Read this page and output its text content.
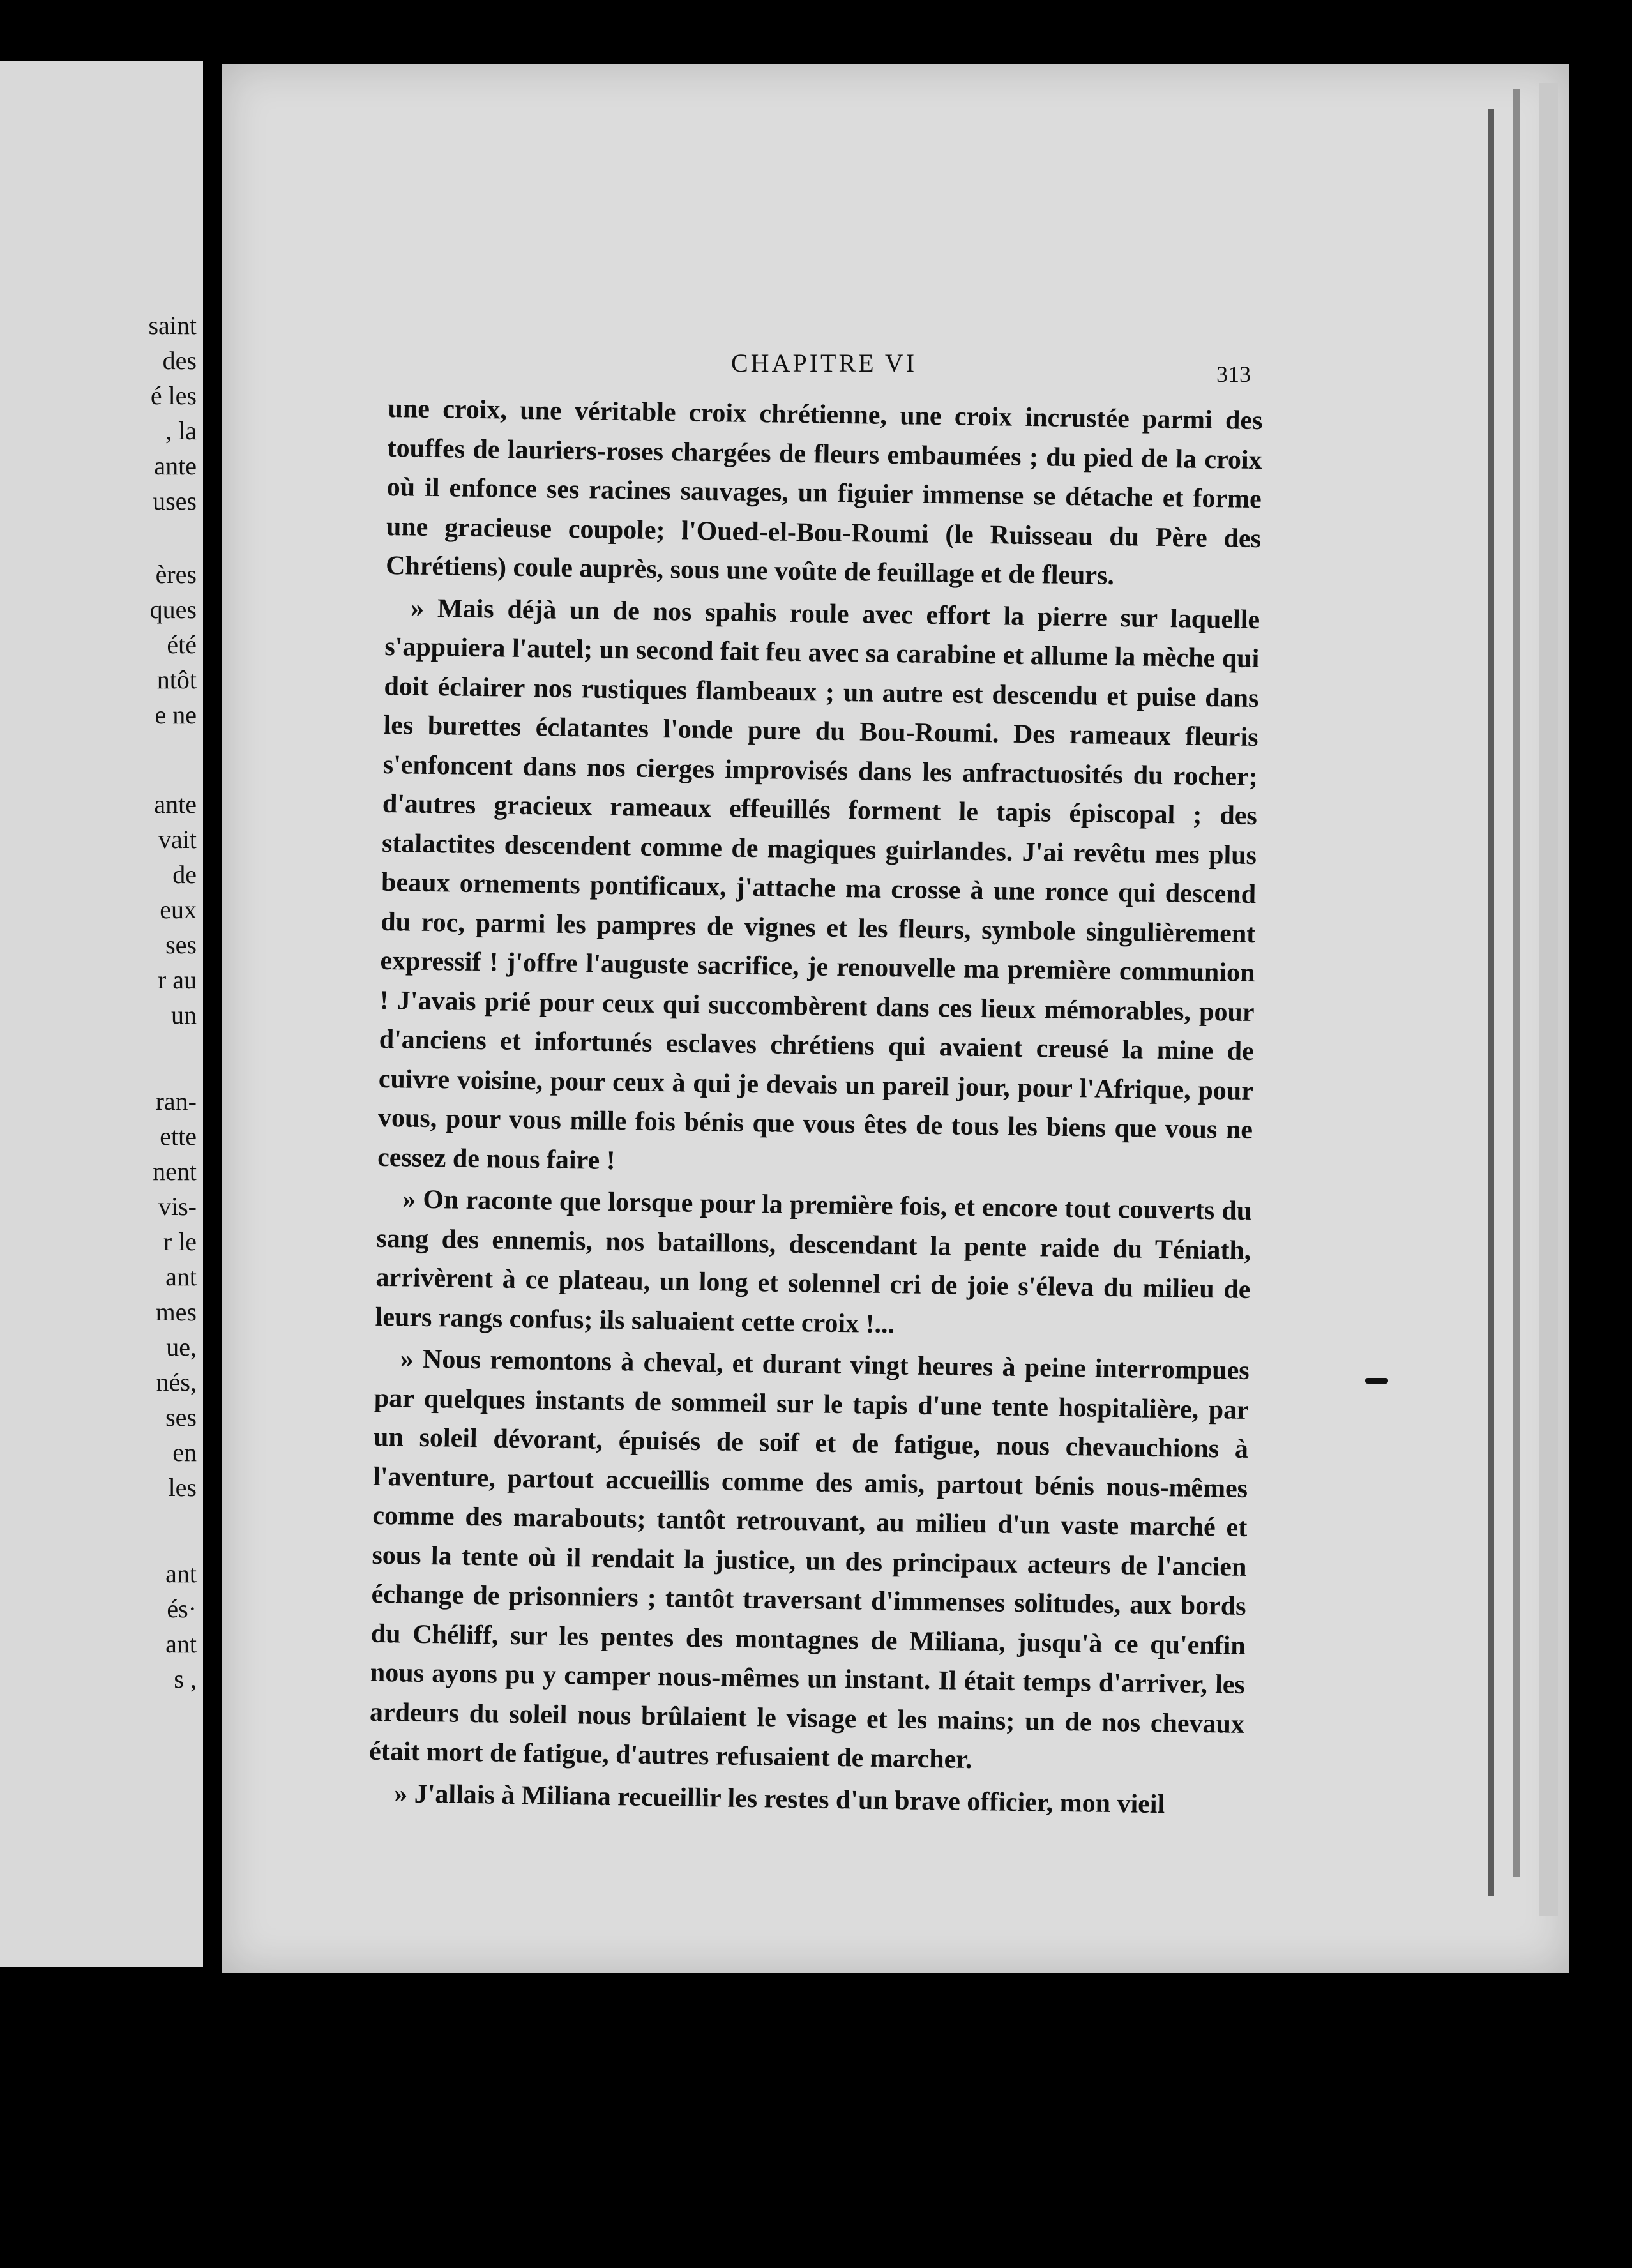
saint
des
é les
, la
ante
uses
ères
ques
été
ntôt
e ne
ante
vait
de
eux
ses
r au
un
ran-
ette
nent
vis-
r le
ant
mes
ue,
nés,
ses
en
les
ant
és·
ant
s ,
CHAPITRE VI	313

une croix, une véritable croix chrétienne, une croix incrustée parmi des touffes de lauriers-roses chargées de fleurs embaumées ; du pied de la croix où il enfonce ses racines sauvages, un figuier immense se détache et forme une gracieuse coupole; l'Oued-el-Bou-Roumi (le Ruisseau du Père des Chrétiens) coule auprès, sous une voûte de feuillage et de fleurs.

» Mais déjà un de nos spahis roule avec effort la pierre sur laquelle s'appuiera l'autel; un second fait feu avec sa carabine et allume la mèche qui doit éclairer nos rustiques flambeaux ; un autre est descendu et puise dans les burettes éclatantes l'onde pure du Bou-Roumi. Des rameaux fleuris s'enfoncent dans nos cierges improvisés dans les anfractuosités du rocher; d'autres gracieux rameaux effeuillés forment le tapis épiscopal ; des stalactites descendent comme de magiques guirlandes. J'ai revêtu mes plus beaux ornements pontificaux, j'attache ma crosse à une ronce qui descend du roc, parmi les pampres de vignes et les fleurs, symbole singulièrement expressif ! j'offre l'auguste sacrifice, je renouvelle ma première communion ! J'avais prié pour ceux qui succombèrent dans ces lieux mémorables, pour d'anciens et infortunés esclaves chrétiens qui avaient creusé la mine de cuivre voisine, pour ceux à qui je devais un pareil jour, pour l'Afrique, pour vous, pour vous mille fois bénis que vous êtes de tous les biens que vous ne cessez de nous faire !

» On raconte que lorsque pour la première fois, et encore tout couverts du sang des ennemis, nos bataillons, descendant la pente raide du Téniath, arrivèrent à ce plateau, un long et solennel cri de joie s'éleva du milieu de leurs rangs confus; ils saluaient cette croix !...

» Nous remontons à cheval, et durant vingt heures à peine interrompues par quelques instants de sommeil sur le tapis d'une tente hospitalière, par un soleil dévorant, épuisés de soif et de fatigue, nous chevauchions à l'aventure, partout accueillis comme des amis, partout bénis nous-mêmes comme des marabouts; tantôt retrouvant, au milieu d'un vaste marché et sous la tente où il rendait la justice, un des principaux acteurs de l'ancien échange de prisonniers ; tantôt traversant d'immenses solitudes, aux bords du Chéliff, sur les pentes des montagnes de Miliana, jusqu'à ce qu'enfin nous ayons pu y camper nous-mêmes un instant. Il était temps d'arriver, les ardeurs du soleil nous brûlaient le visage et les mains; un de nos chevaux était mort de fatigue, d'autres refusaient de marcher.

» J'allais à Miliana recueillir les restes d'un brave officier, mon vieil
